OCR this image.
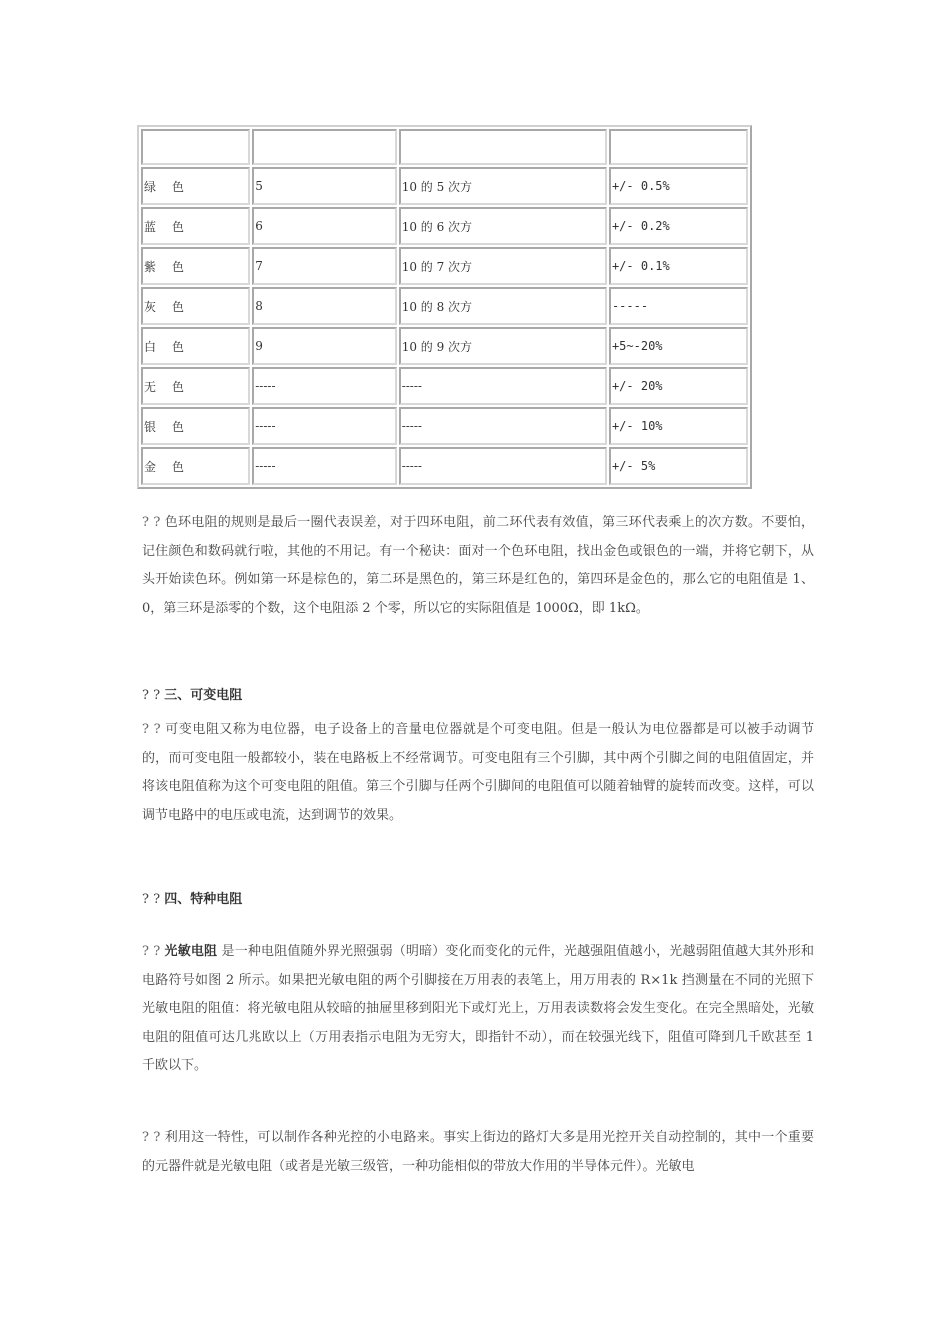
绿 色	5	10 的 5 次方	+/- 0.5%
蓝 色	6	10 的 6 次方	+/- 0.2%
紫 色	7	10 的 7 次方	+/- 0.1%
灰 色	8	10 的 8 次方	-----
白 色	9	10 的 9 次方	+5~-20%
无 色	-----	-----	+/- 20%
银 色	-----	-----	+/- 10%
金 色	-----	-----	+/- 5%

? ? 色环电阻的规则是最后一圈代表误差，对于四环电阻，前二环代表有效值，第三环代表乘上的次方数。不要怕，记住颜色和数码就行啦，其他的不用记。有一个秘诀：面对一个色环电阻，找出金色或银色的一端，并将它朝下，从头开始读色环。例如第一环是棕色的，第二环是黑色的，第三环是红色的，第四环是金色的，那么它的电阻值是 1、0，第三环是添零的个数，这个电阻添 2 个零，所以它的实际阻值是 1000Ω，即 1kΩ。

? ? 三、可变电阻

? ? 可变电阻又称为电位器，电子设备上的音量电位器就是个可变电阻。但是一般认为电位器都是可以被手动调节的，而可变电阻一般都较小，装在电路板上不经常调节。可变电阻有三个引脚，其中两个引脚之间的电阻值固定，并将该电阻值称为这个可变电阻的阻值。第三个引脚与任两个引脚间的电阻值可以随着轴臂的旋转而改变。这样，可以调节电路中的电压或电流，达到调节的效果。

? ? 四、特种电阻

? ? 光敏电阻 是一种电阻值随外界光照强弱（明暗）变化而变化的元件，光越强阻值越小，光越弱阻值越大其外形和电路符号如图 2 所示。如果把光敏电阻的两个引脚接在万用表的表笔上，用万用表的 R×1k 挡测量在不同的光照下光敏电阻的阻值：将光敏电阻从较暗的抽屉里移到阳光下或灯光上，万用表读数将会发生变化。在完全黑暗处，光敏电阻的阻值可达几兆欧以上（万用表指示电阻为无穷大，即指针不动），而在较强光线下，阻值可降到几千欧甚至 1 千欧以下。

? ? 利用这一特性，可以制作各种光控的小电路来。事实上街边的路灯大多是用光控开关自动控制的，其中一个重要的元器件就是光敏电阻（或者是光敏三级管，一种功能相似的带放大作用的半导体元件）。光敏电
